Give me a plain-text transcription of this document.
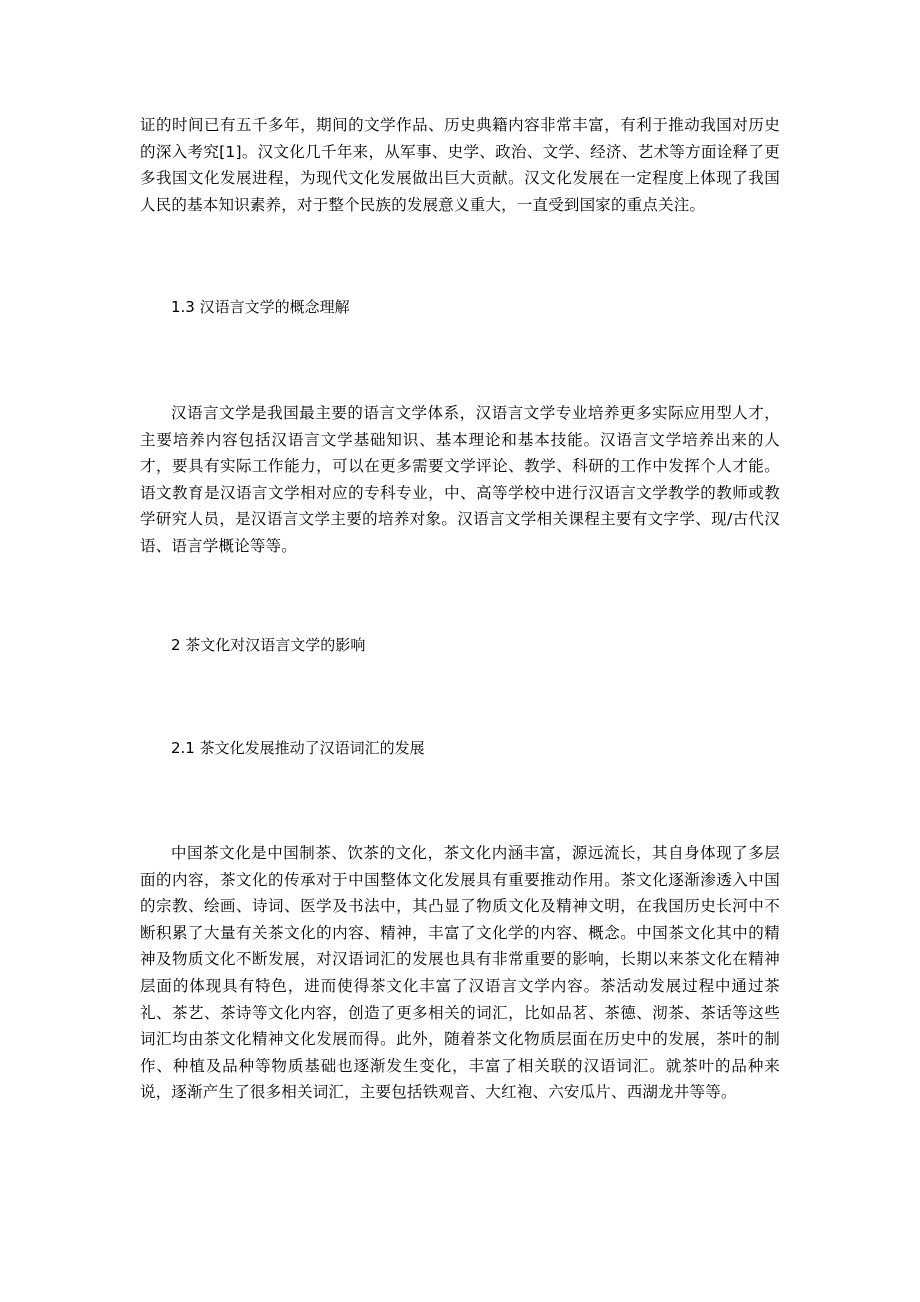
证的时间已有五千多年，期间的文学作品、历史典籍内容非常丰富，有利于推动我国对历史的深入考究[1]。汉文化几千年来，从军事、史学、政治、文学、经济、艺术等方面诠释了更多我国文化发展进程，为现代文化发展做出巨大贡献。汉文化发展在一定程度上体现了我国人民的基本知识素养，对于整个民族的发展意义重大，一直受到国家的重点关注。

1.3 汉语言文学的概念理解

汉语言文学是我国最主要的语言文学体系，汉语言文学专业培养更多实际应用型人才，主要培养内容包括汉语言文学基础知识、基本理论和基本技能。汉语言文学培养出来的人才，要具有实际工作能力，可以在更多需要文学评论、教学、科研的工作中发挥个人才能。语文教育是汉语言文学相对应的专科专业，中、高等学校中进行汉语言文学教学的教师或教学研究人员，是汉语言文学主要的培养对象。汉语言文学相关课程主要有文字学、现/古代汉语、语言学概论等等。

2 茶文化对汉语言文学的影响

2.1 茶文化发展推动了汉语词汇的发展

中国茶文化是中国制茶、饮茶的文化，茶文化内涵丰富，源远流长，其自身体现了多层面的内容，茶文化的传承对于中国整体文化发展具有重要推动作用。茶文化逐渐渗透入中国的宗教、绘画、诗词、医学及书法中，其凸显了物质文化及精神文明，在我国历史长河中不断积累了大量有关茶文化的内容、精神，丰富了文化学的内容、概念。中国茶文化其中的精神及物质文化不断发展，对汉语词汇的发展也具有非常重要的影响，长期以来茶文化在精神层面的体现具有特色，进而使得茶文化丰富了汉语言文学内容。茶活动发展过程中通过茶礼、茶艺、茶诗等文化内容，创造了更多相关的词汇，比如品茗、茶德、沏茶、茶话等这些词汇均由茶文化精神文化发展而得。此外，随着茶文化物质层面在历史中的发展，茶叶的制作、种植及品种等物质基础也逐渐发生变化，丰富了相关联的汉语词汇。就茶叶的品种来说，逐渐产生了很多相关词汇，主要包括铁观音、大红袍、六安瓜片、西湖龙井等等。
